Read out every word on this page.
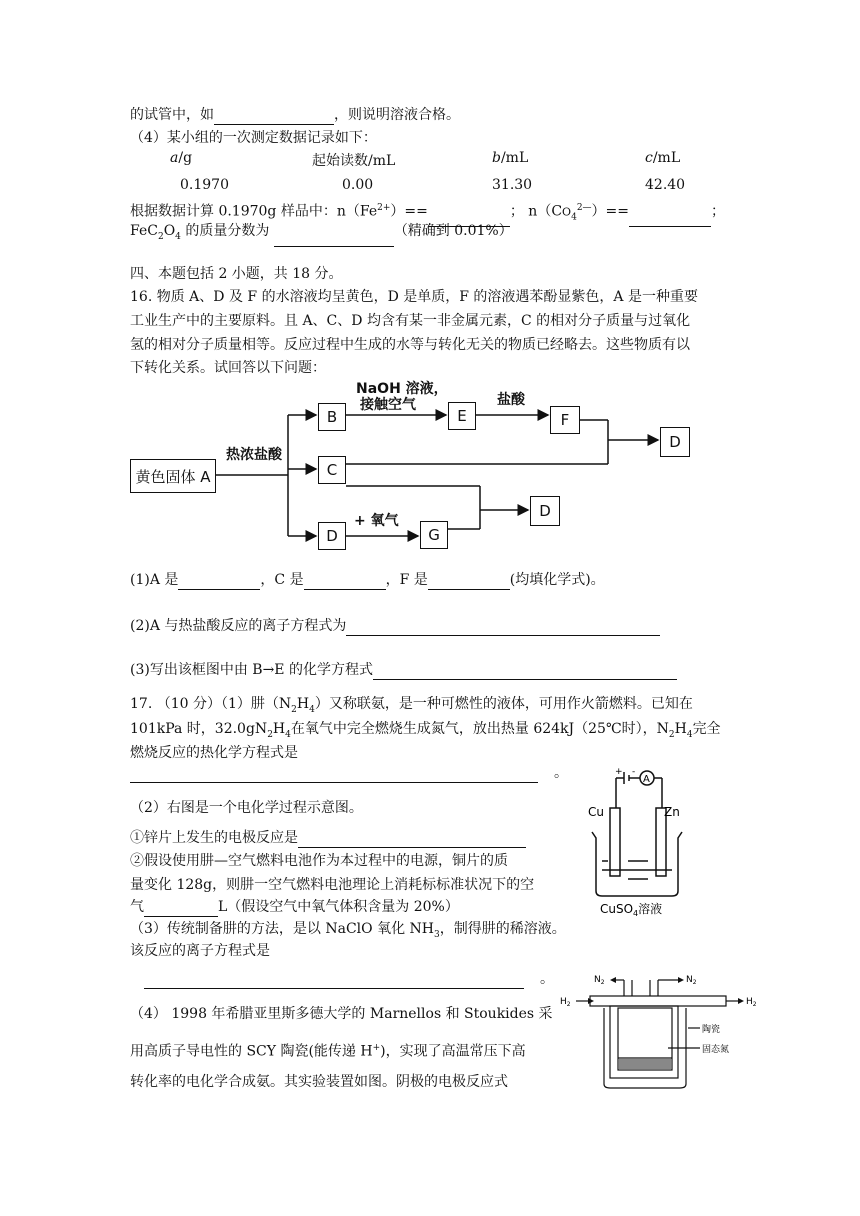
的试管中，如	，则说明溶液合格。
（4）某小组的一次测定数据记录如下：
a/g	起始读数/mL	b/mL	c/mL
0.1970	0.00	31.30	42.40
根据数据计算 0.1970g 样品中：$n(Fe^{2+})==$	； $n(CO_4^{2—})==$	；
$FeC_2O_4$ 的质量分数为	（精确到 0.01%）
四、本题包括 2 小题，共 18 分。
16. 物质 A、D 及 F 的水溶液均呈黄色，D 是单质，F 的溶液遇苯酚显紫色，A 是一种重要
工业生产中的主要原料。且 A、C、D 均含有某一非金属元素，C 的相对分子质量与过氧化
氢的相对分子质量相等。反应过程中生成的水等与转化无关的物质已经略去。这些物质有以
下转化关系。试回答以下问题：
黄色固体 A
B
C
D
E	F
D
G
D
热浓盐酸
NaOH 溶液，
接触空气	盐酸
+ 氧气
(1)A 是	，C 是	，F 是	(均填化学式)。
(2)A 与热盐酸反应的离子方程式为
(3)写出该框图中由 B→E 的化学方程式
17. （10 分）（1）肼$(N_2H_4)$又称联氨，是一种可燃性的液体，可用作火箭燃料。已知在
101kPa 时，$32.0gN_2H_4$在氧气中完全燃烧生成氮气，放出热量 624kJ（25℃时），$N_2H_4$完全
燃烧反应的热化学方程式是
。
（2）右图是一个电化学过程示意图。
①锌片上发生的电极反应是
②假设使用肼—空气燃料电池作为本过程中的电源，铜片的质
量变化 128g，则肼一空气燃料电池理论上消耗标标准状况下的空
气	L（假设空气中氧气体积含量为 20%）
（3）传统制备肼的方法，是以 NaClO 氧化 $NH_3$，制得肼的稀溶液。
该反应的离子方程式是
。
（4） 1998 年希腊亚里斯多德大学的 Marnellos 和 Stoukides 采
用高质子导电性的 SCY 陶瓷(能传递 H+)，实现了高温常压下高
转化率的电化学合成氨。其实验装置如图。阴极的电极反应式
+ -
A
Cu	Zn
CuSO$_4$溶液
$N_2$	$N_2$
$H_2$	$H_2$
陶瓷
固态氮
